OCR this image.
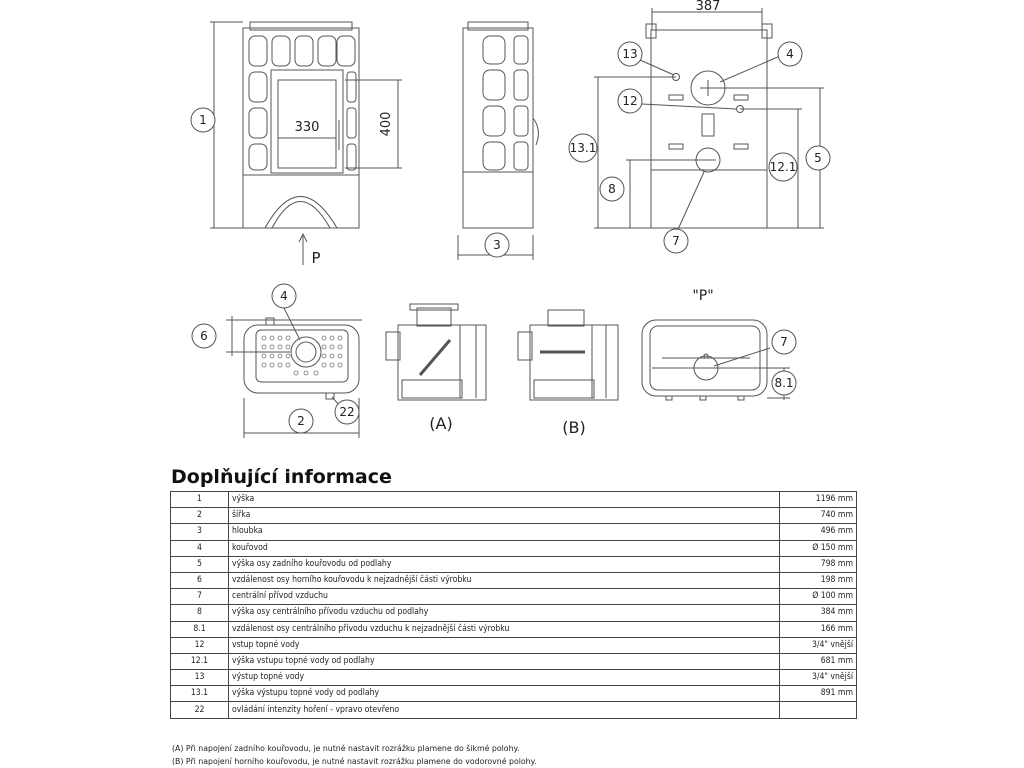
1
3
13	4
12
13.1
12.1
5
8
7
4
6
2
22
7
8.1
387
330	400
P
"P"
(A)	(B)
Doplňující informace
1	výška	1196 mm
2	šířka	740 mm
3	hloubka	496 mm
4	kouřovod	Ø 150 mm
5	výška osy zadního kouřovodu od podlahy	798 mm
6	vzdálenost osy horního kouřovodu k nejzadnější části výrobku	198 mm
7	centrální přívod vzduchu	Ø 100 mm
8	výška osy centrálního přívodu vzduchu od podlahy	384 mm
8.1	vzdálenost osy centrálního přívodu vzduchu k nejzadnější části výrobku	166 mm
12	vstup topné vody	3/4" vnější
12.1	výška vstupu topné vody od podlahy	681 mm
13	výstup topné vody	3/4" vnější
13.1	výška výstupu topné vody od podlahy	891 mm
22	ovládání intenzity hoření - vpravo otevřeno	
(A) Při napojení zadního kouřovodu, je nutné nastavit rozrážku plamene do šikmé polohy.
(B) Při napojení horního kouřovodu, je nutné nastavit rozrážku plamene do vodorovné polohy.
